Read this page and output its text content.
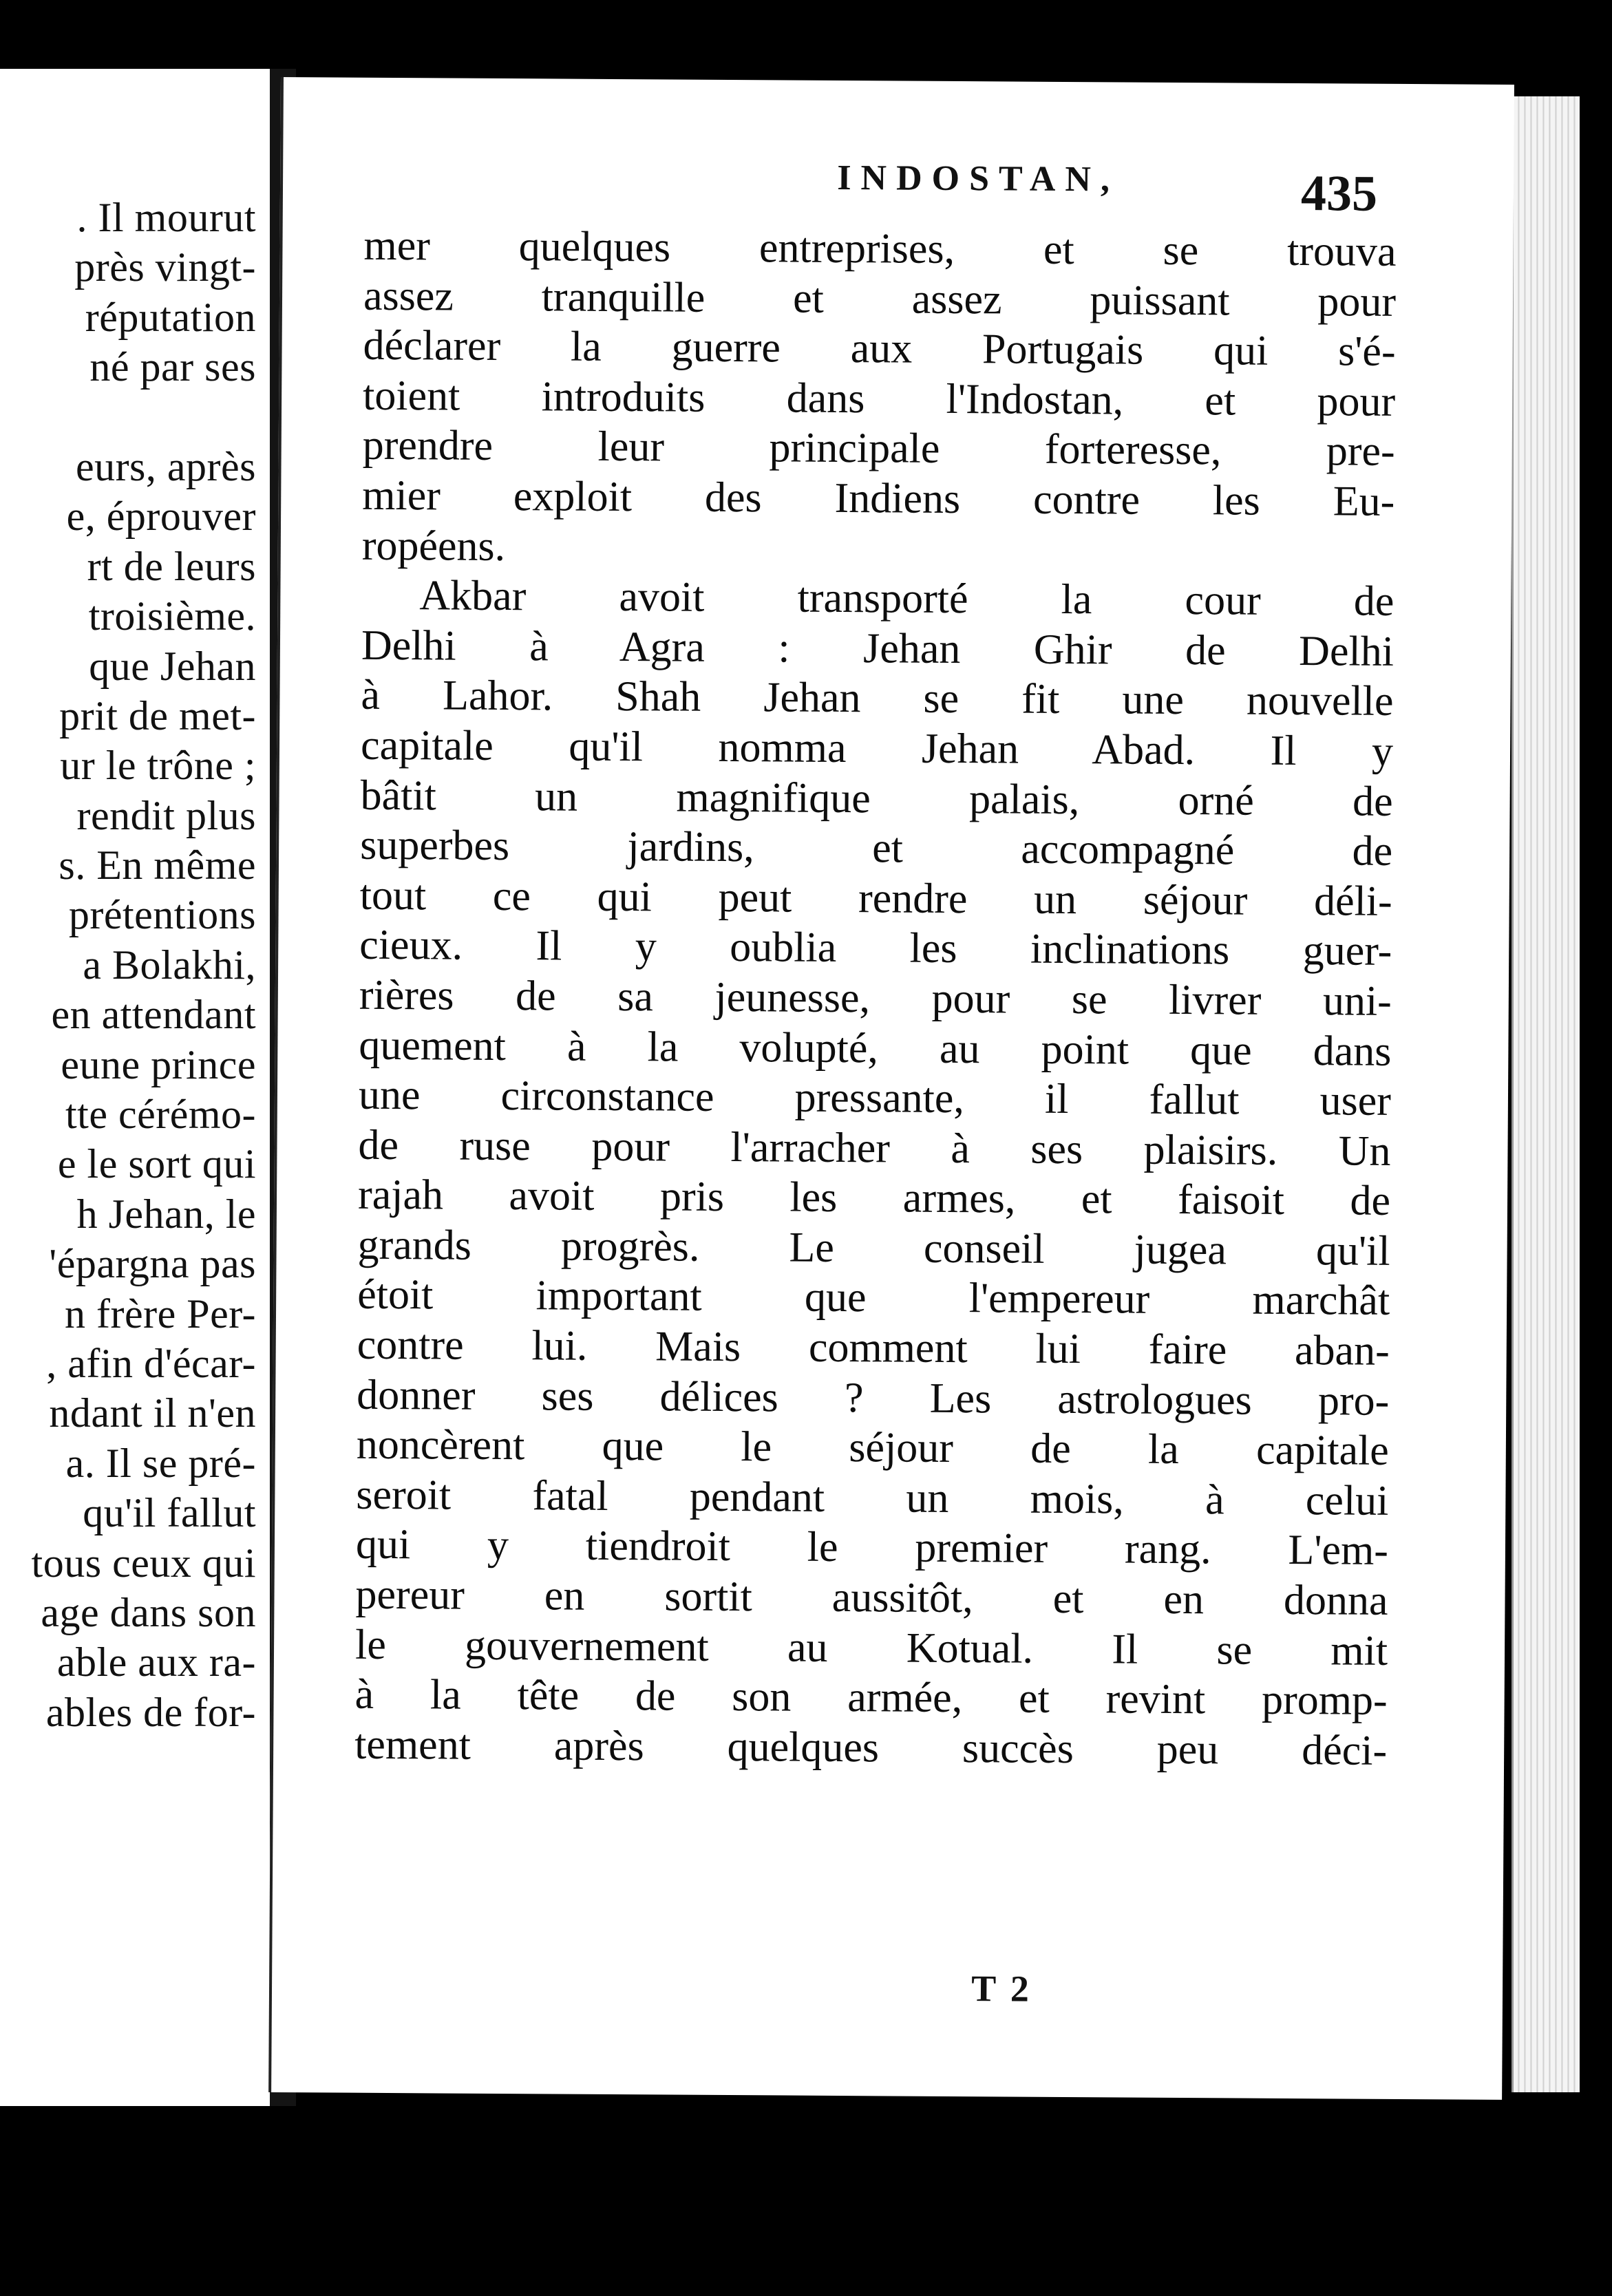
. Il mourut
près vingt-
réputation
né par ses
eurs, après
e, éprouver
rt de leurs
troisième.
que Jehan
prit de met-
ur le trône ;
rendit plus
s. En même
prétentions
a Bolakhi,
en attendant
eune prince
tte cérémo-
e le sort qui
h Jehan, le
'épargna pas
n frère Per-
, afin d'écar-
ndant il n'en
a. Il se pré-
qu'il fallut
tous ceux qui
age dans son
able aux ra-
ables de for-
INDOSTAN,	435
mer quelques entreprises, et se trouva
assez tranquille et assez puissant pour
déclarer la guerre aux Portugais qui s'é-
toient introduits dans l'Indostan, et pour
prendre leur principale forteresse, pre-
mier exploit des Indiens contre les Eu-
ropéens.
Akbar avoit transporté la cour de
Delhi à Agra : Jehan Ghir de Delhi
à Lahor. Shah Jehan se fit une nouvelle
capitale qu'il nomma Jehan Abad. Il y
bâtit un magnifique palais, orné de
superbes jardins, et accompagné de
tout ce qui peut rendre un séjour déli-
cieux. Il y oublia les inclinations guer-
rières de sa jeunesse, pour se livrer uni-
quement à la volupté, au point que dans
une circonstance pressante, il fallut user
de ruse pour l'arracher à ses plaisirs. Un
rajah avoit pris les armes, et faisoit de
grands progrès. Le conseil jugea qu'il
étoit important que l'empereur marchât
contre lui. Mais comment lui faire aban-
donner ses délices ? Les astrologues pro-
noncèrent que le séjour de la capitale
seroit fatal pendant un mois, à celui
qui y tiendroit le premier rang. L'em-
pereur en sortit aussitôt, et en donna
le gouvernement au Kotual. Il se mit
à la tête de son armée, et revint promp-
tement après quelques succès peu déci-
T 2
